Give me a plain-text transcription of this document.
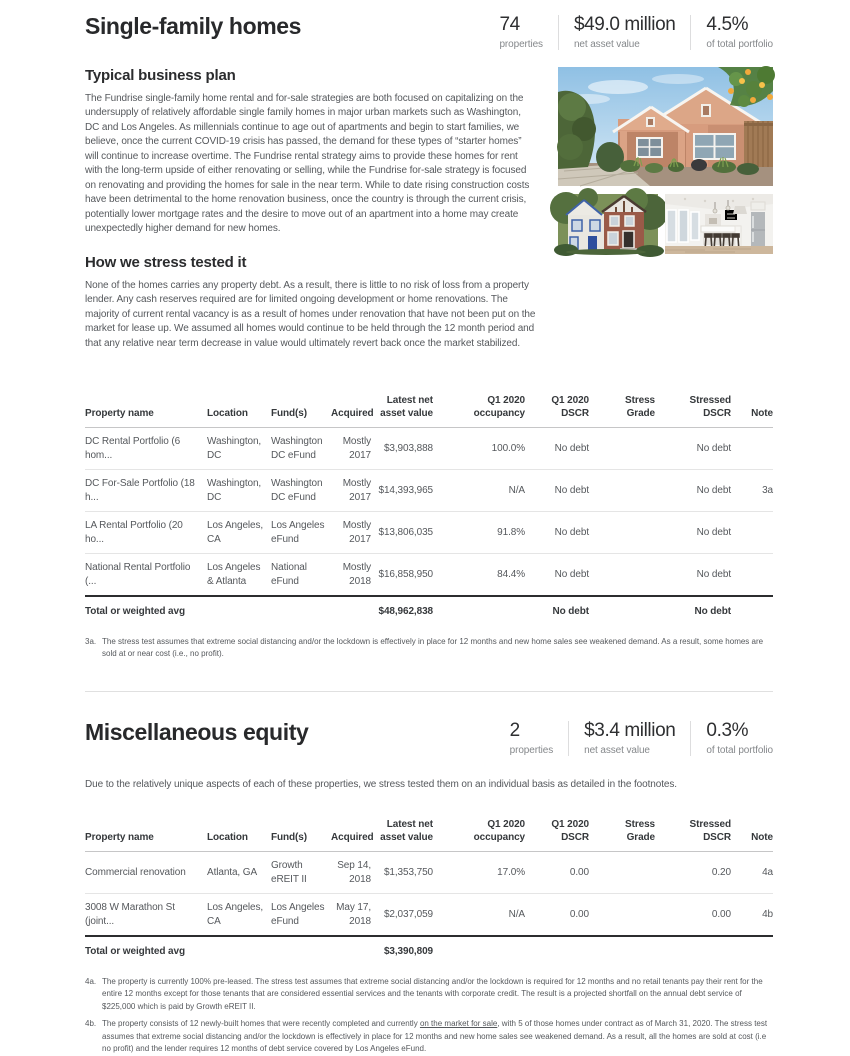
Single-family homes	74
properties
$49.0 million
net asset value
4.5%
of total portfolio
Typical business plan

The Fundrise single-family home rental and for-sale strategies are both focused on capitalizing on the undersupply of relatively affordable single family homes in major urban markets such as Washington, DC and Los Angeles. As millennials continue to age out of apartments and begin to start families, we believe, once the current COVID-19 crisis has passed, the demand for these types of “starter homes” will continue to increase overtime. The Fundrise rental strategy aims to provide these homes for rent with the long-term upside of either renovating or selling, while the Fundrise for-sale strategy is focused on renovating and providing the homes for sale in the near term. While to date rising construction costs have been detrimental to the home renovation business, once the country is through the current crisis, potentially lower mortgage rates and the desire to move out of an apartment into a home may create unexpectedly higher demand for new homes.

How we stress tested it

None of the homes carries any property debt. As a result, there is little to no risk of loss from a property lender. Any cash reserves required are for limited ongoing development or home renovations. The majority of current rental vacancy is as a result of homes under renovation that have not been put on the market for lease up. We assumed all homes would continue to be held through the 12 month period and that any relative near term decrease in value would ultimately revert back once the market stabilized.

Property name	Location	Fund(s)	Acquired	Latest net asset value	Q1 2020 occupancy	Q1 2020 DSCR	Stress Grade	Stressed DSCR	Note
DC Rental Portfolio (6 hom...	Washington, DC	Washington DC eFund	Mostly 2017	$3,903,888	100.0%	No debt		No debt	
DC For-Sale Portfolio (18 h...	Washington, DC	Washington DC eFund	Mostly 2017	$14,393,965	N/A	No debt		No debt	3a
LA Rental Portfolio (20 ho...	Los Angeles, CA	Los Angeles eFund	Mostly 2017	$13,806,035	91.8%	No debt		No debt	
National Rental Portfolio (...	Los Angeles & Atlanta	National eFund	Mostly 2018	$16,858,950	84.4%	No debt		No debt	
Total or weighted avg				$48,962,838		No debt		No debt	
3a. The stress test assumes that extreme social distancing and/or the lockdown is effectively in place for 12 months and new home sales see weakened demand. As a result, some homes are sold at or near cost (i.e., no profit).
Miscellaneous equity	2
properties
$3.4 million
net asset value
0.3%
of total portfolio

Due to the relatively unique aspects of each of these properties, we stress tested them on an individual basis as detailed in the footnotes.

Property name	Location	Fund(s)	Acquired	Latest net asset value	Q1 2020 occupancy	Q1 2020 DSCR	Stress Grade	Stressed DSCR	Note
Commercial renovation	Atlanta, GA	Growth eREIT II	Sep 14, 2018	$1,353,750	17.0%	0.00		0.20	4a
3008 W Marathon St (joint...	Los Angeles, CA	Los Angeles eFund	May 17, 2018	$2,037,059	N/A	0.00		0.00	4b
Total or weighted avg				$3,390,809					
4a. The property is currently 100% pre-leased. The stress test assumes that extreme social distancing and/or the lockdown is required for 12 months and no retail tenants pay their rent for the entire 12 months except for those tenants that are considered essential services and the tenants with corporate credit. The result is a projected shortfall on the annual debt service of $225,000 which is paid by Growth eREIT II.
4b. The property consists of 12 newly-built homes that were recently completed and currently on the market for sale, with 5 of those homes under contract as of March 31, 2020. The stress test assumes that extreme social distancing and/or the lockdown is effectively in place for 12 months and new home sales see weakened demand. As a result, all the homes are sold at cost (i.e no profit) and the lender requires 12 months of debt service covered by Los Angeles eFund.
